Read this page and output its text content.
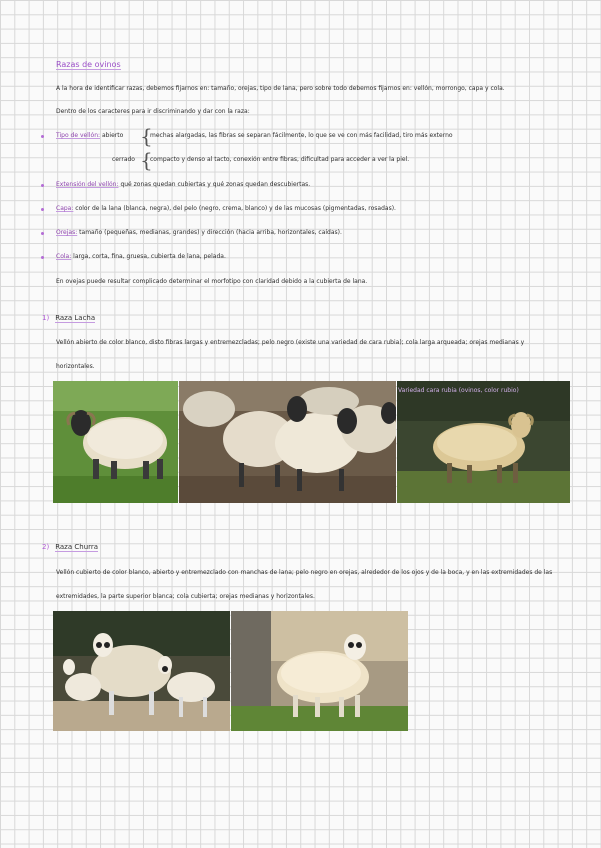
Razas de ovinos
A la hora de identificar razas, debemos fijarnos en: tamaño, orejas, tipo de lana, pero sobre todo debemos fijarnos en: vellón, morrongo, capa y cola.
Dentro de los caracteres para ir discriminando y dar con la raza:
Tipo de vellón: abierto {
mechas alargadas, las fibras se separan fácilmente, lo que se ve con más facilidad, tiro más externo
cerrado {
compacto y denso al tacto, conexión entre fibras, dificultad para acceder a ver la piel.
Extensión del vellón: qué zonas quedan cubiertas y qué zonas quedan descubiertas.
Capa: color de la lana (blanca, negra), del pelo (negro, crema, blanco) y de las mucosas (pigmentadas, rosadas).
Orejas: tamaño (pequeñas, medianas, grandes) y dirección (hacia arriba, horizontales, caídas).
Cola: larga, corta, fina, gruesa, cubierta de lana, pelada.
En ovejas puede resultar complicado determinar el morfotipo con claridad debido a la cubierta de lana.
1) Raza Lacha
Vellón abierto de color blanco, disto fibras largas y entremezcladas; pelo negro (existe una variedad de cara rubia); cola larga arqueada; orejas medianas y
horizontales.
Variedad cara rubia (ovinos, color rubio)
2) Raza Churra
Vellón cubierto de color blanco, abierto y entremezclado con manchas de lana; pelo negro en orejas, alrededor de los ojos y de la boca, y en las extremidades de las
extremidades, la parte superior blanca; cola cubierta; orejas medianas y horizontales.
